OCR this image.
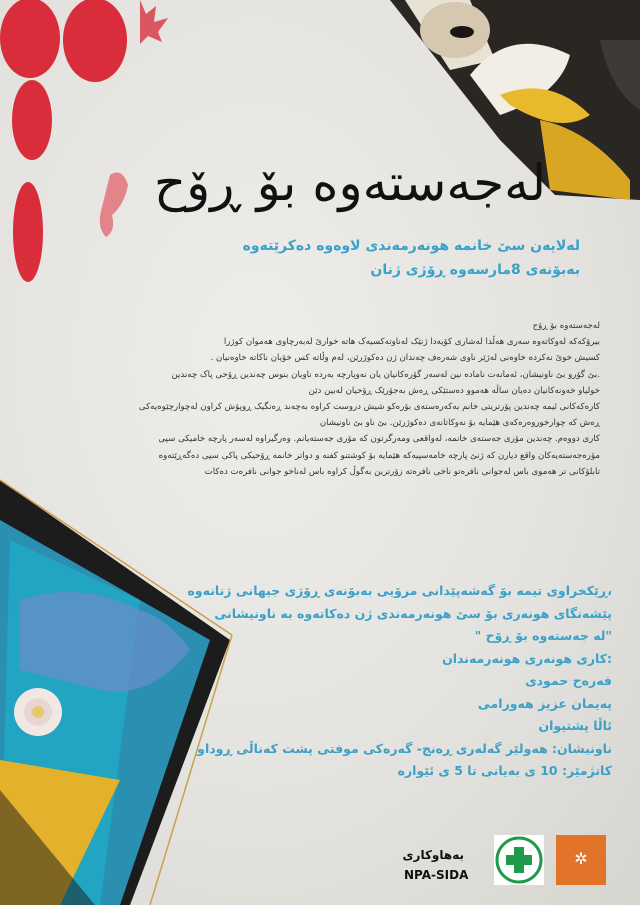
لەجەستەوە بۆ ڕۆح
لەلایەن سێ خانمە هونەرمەندی لاوەوە دەکرێتەوە
بەبۆنەی 8مارسەوە ڕۆژی ژنان
لەجەستەوە بۆ ڕۆح
بیرۆکەکە لەوکاتەوە سەری هەڵدا لەشاری کۆیەدا ژنێک لەناوتەکسیەک هاتە خوارێ لەبەرچاوی هەموان کوژرا
کسیش خوێ نەکردە خاوەنی لەژێر ناوی شەرەف چەندان ژن دەکوژرێن، لەم وڵاتە کس خۆیان ناکاتە خاوەنیان .
.بێ گۆرو بێ ناونیشان، ئەمانەت نامادە نین لەسەر گۆرەکانیان یان نەوپارچە بەردە ناویان بنوس چەندین ڕۆحی پاک چەندین
خولیاو خەونەکانیان دەیان ساڵە هەموو دەستێکی ڕەش بەجۆرێک ڕۆحیان لەبین دێن
کارەکەکانی ئیمە چەندین پۆرتریتی خانم بەکەرەستەی بۆرەکو شیش دروست کراوە بەچەند ڕەنگیک ڕوپۆش کراون لەچوارچێوەیەکی
ڕەش کە چوارخوروەرەکەی هێمایە بۆ نەوکاتانەی دەکوژرێن. بێ ناو بێ ناونیشان
کاری دووەم. چەندین مۆری جەستەی خانمە، لەواقعی ومەرگرتون کە مۆری جەستەیانم. وەرگیراوە لەسەر پارچە خامیکی سپی
مۆرەجەستەیەکان واقع دیارن کە ژنێ پارچە خامەسپیەکە هێمایە بۆ کوشتنو کفنە و دواتر خانمە ڕۆحیکی پاکی سپی دەگەڕێتەوە
تابلۆکانی تر هەموی باس لەجوانی نافرەتو ناخی نافرەتە زۆرترین بەگوڵ کراوە باس لەناخو جوانی نافرەت دەکات
،ڕێکخراوی تیمە بۆ گەشەپێدانی مرۆیی بەبۆنەی ڕۆژی جیهانی ژنانەوە
پێشەنگای هونەری بۆ سێ هونەرمەندی ژن دەکاتەوە بە ناونیشانی
"لە جەستەوە بۆ ڕۆح "
:کاری هونەری هونەرمەندان
فەرەح حمودی
پەیمان عزیز هەورامی
ئاڵا پشتیوان
ناونیشان: هەولێر گەلەری ڕەنج- گەرەکی موفتی پشت کەناڵی ڕوداو
کاتژمێر: 10 ی بەیانی تا 5 ی ئێوارە
بەهاوکاری
NPA-SIDA
✲
